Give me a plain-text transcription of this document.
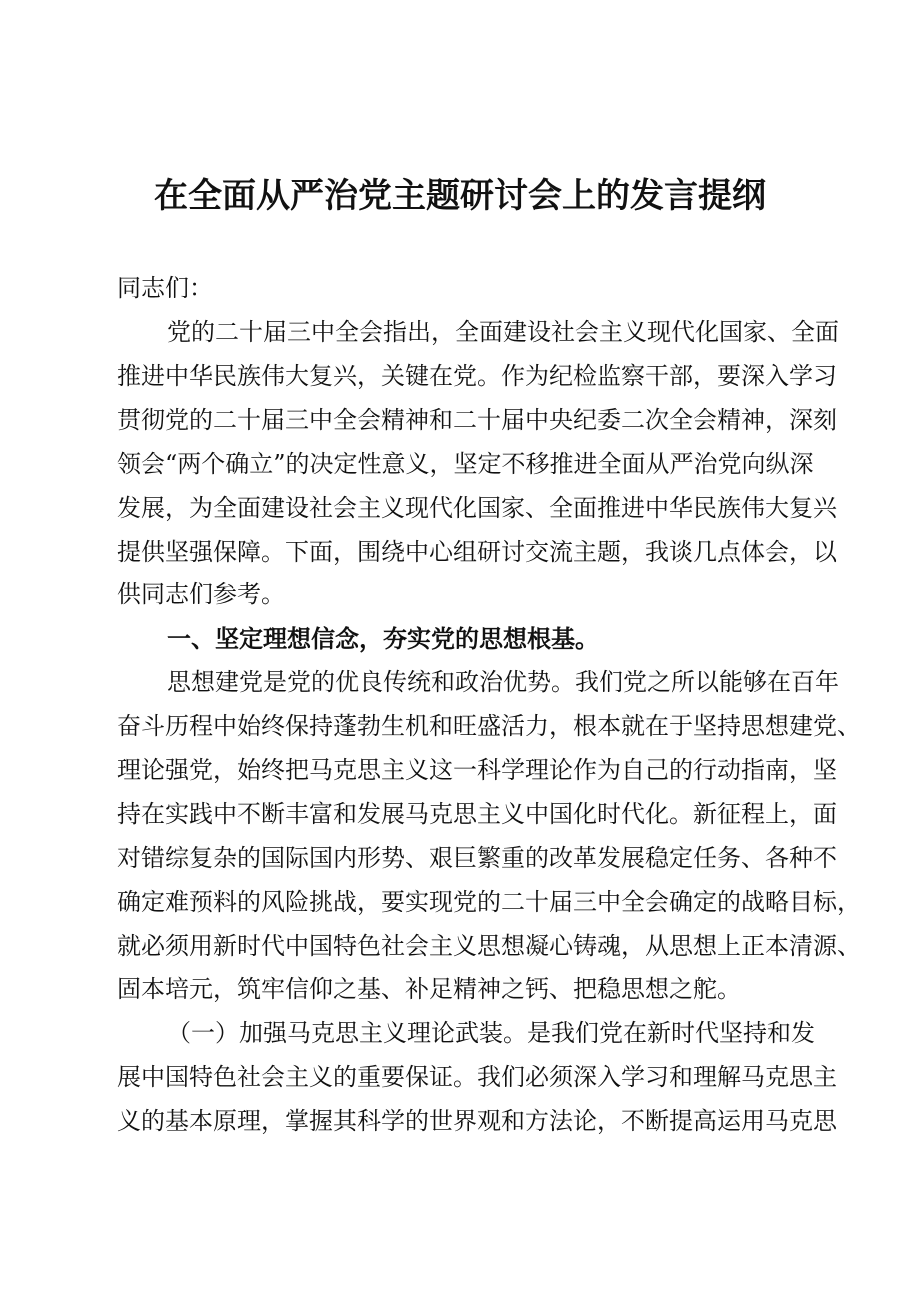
在全面从严治党主题研讨会上的发言提纲
同志们：
党的二十届三中全会指出，全面建设社会主义现代化国家、全面
推进中华民族伟大复兴，关键在党。作为纪检监察干部，要深入学习
贯彻党的二十届三中全会精神和二十届中央纪委二次全会精神，深刻
领会“两个确立”的决定性意义，坚定不移推进全面从严治党向纵深
发展，为全面建设社会主义现代化国家、全面推进中华民族伟大复兴
提供坚强保障。下面，围绕中心组研讨交流主题，我谈几点体会，以
供同志们参考。
一、坚定理想信念，夯实党的思想根基。
思想建党是党的优良传统和政治优势。我们党之所以能够在百年
奋斗历程中始终保持蓬勃生机和旺盛活力，根本就在于坚持思想建党、
理论强党，始终把马克思主义这一科学理论作为自己的行动指南，坚
持在实践中不断丰富和发展马克思主义中国化时代化。新征程上，面
对错综复杂的国际国内形势、艰巨繁重的改革发展稳定任务、各种不
确定难预料的风险挑战，要实现党的二十届三中全会确定的战略目标，
就必须用新时代中国特色社会主义思想凝心铸魂，从思想上正本清源、
固本培元，筑牢信仰之基、补足精神之钙、把稳思想之舵。
（一）加强马克思主义理论武装。是我们党在新时代坚持和发
展中国特色社会主义的重要保证。我们必须深入学习和理解马克思主
义的基本原理，掌握其科学的世界观和方法论，不断提高运用马克思
